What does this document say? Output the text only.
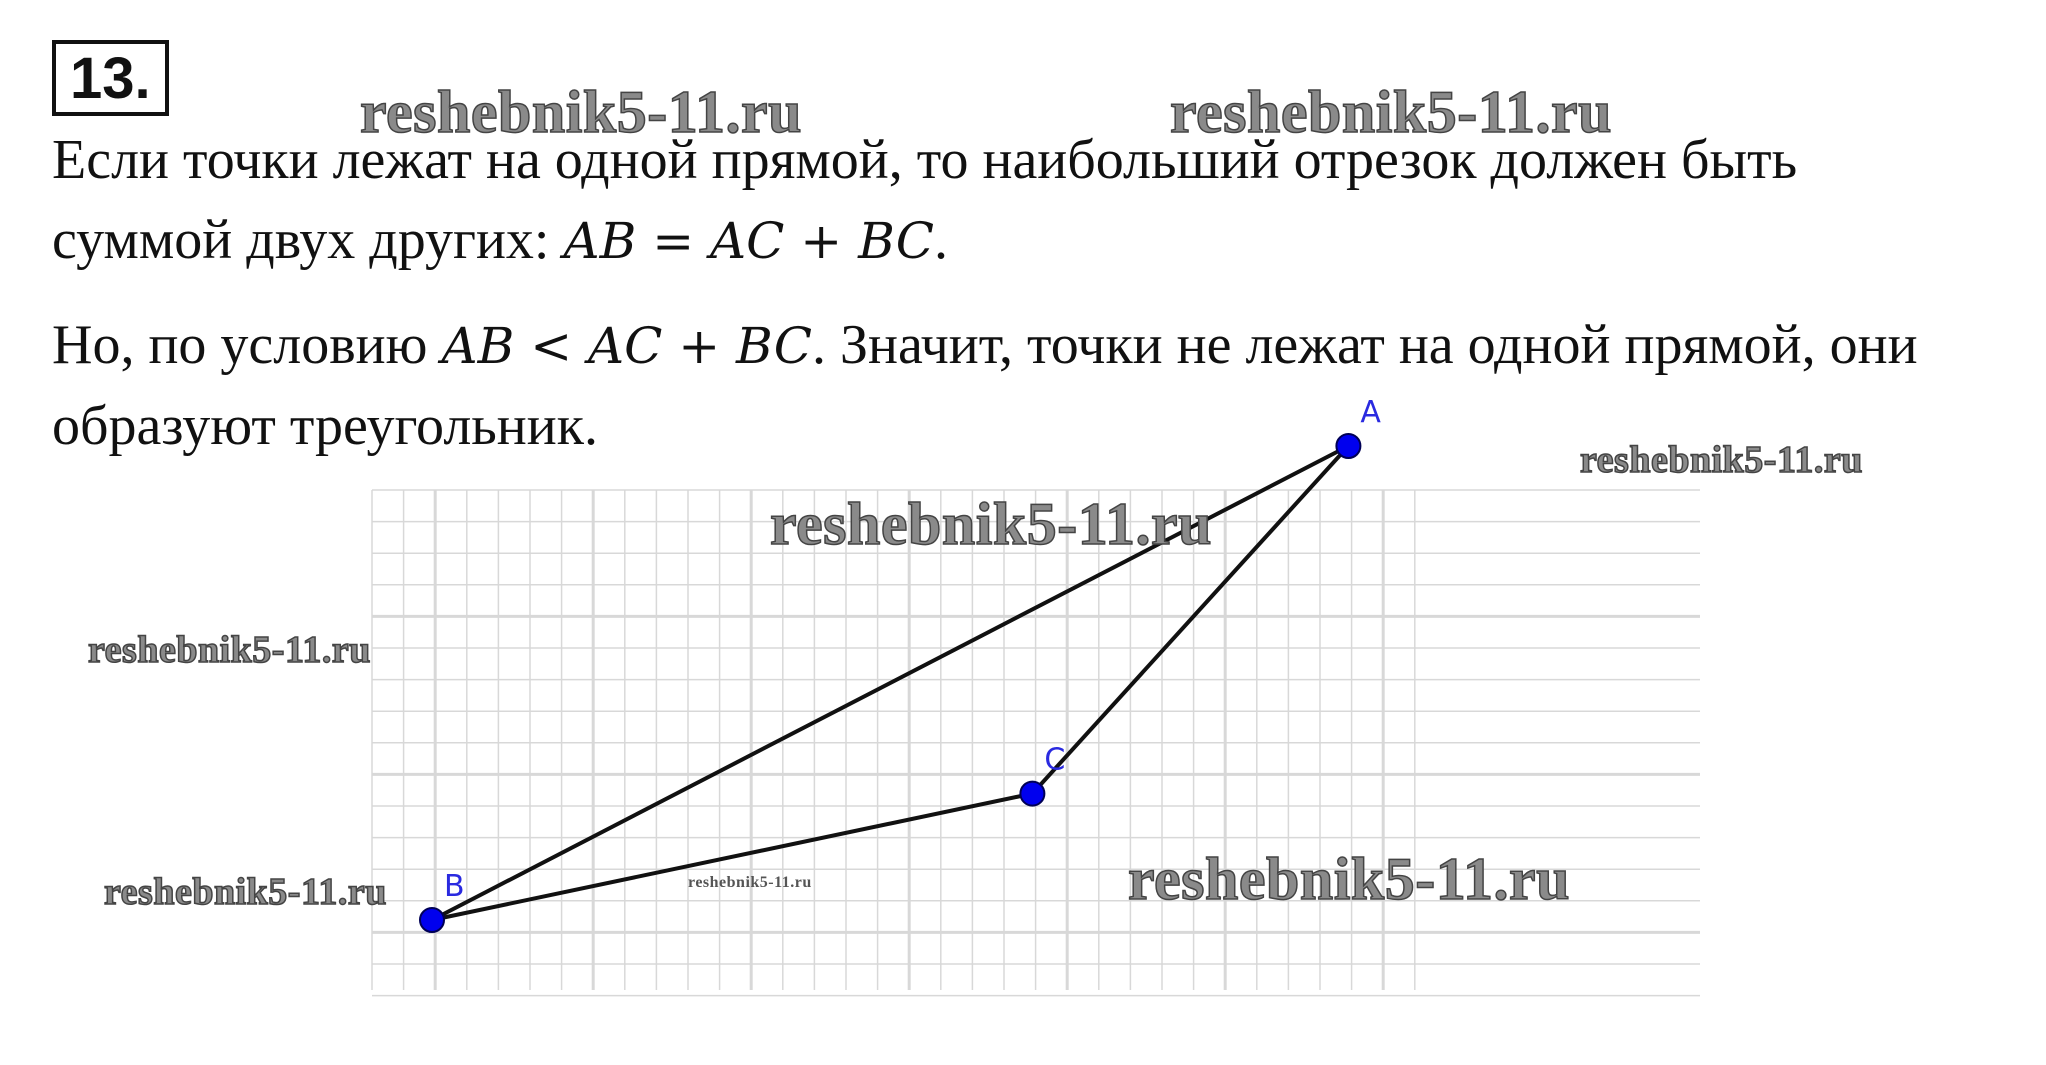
13.
reshebnik5-11.ru	reshebnik5-11.ru
Если точки лежат на одной прямой, то наибольший отрезок должен быть
суммой двух других: AB = AC + BC.
Но, по условию AB < AC + BC. Значит, точки не лежат на одной прямой, они
образуют треугольник.	A
B
C
reshebnik5-11.ru
reshebnik5-11.ru
reshebnik5-11.ru
reshebnik5-11.ru	reshebnik5-11.ru	reshebnik5-11.ru
